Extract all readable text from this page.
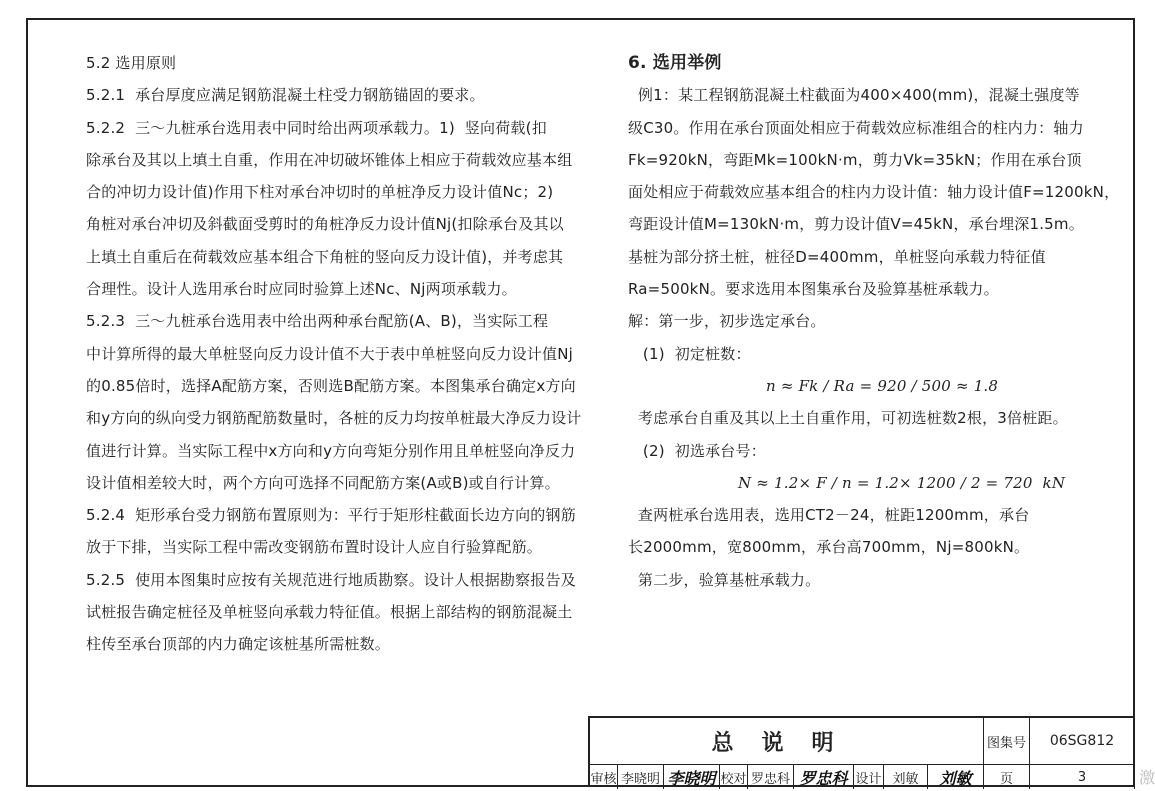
5.2 选用原则

5.2.1  承台厚度应满足钢筋混凝土柱受力钢筋锚固的要求。

5.2.2  三～九桩承台选用表中同时给出两项承载力。1)  竖向荷载(扣

除承台及其以上填土自重，作用在冲切破坏锥体上相应于荷载效应基本组

合的冲切力设计值)作用下柱对承台冲切时的单桩净反力设计值Nc；2)

角桩对承台冲切及斜截面受剪时的角桩净反力设计值Nj(扣除承台及其以

上填土自重后在荷载效应基本组合下角桩的竖向反力设计值)，并考虑其

合理性。设计人选用承台时应同时验算上述Nc、Nj两项承载力。

5.2.3  三～九桩承台选用表中给出两种承台配筋(A、B)，当实际工程

中计算所得的最大单桩竖向反力设计值不大于表中单桩竖向反力设计值Nj

的0.85倍时，选择A配筋方案，否则选B配筋方案。本图集承台确定x方向

和y方向的纵向受力钢筋配筋数量时，各桩的反力均按单桩最大净反力设计

值进行计算。当实际工程中x方向和y方向弯矩分别作用且单桩竖向净反力

设计值相差较大时，两个方向可选择不同配筋方案(A或B)或自行计算。

5.2.4  矩形承台受力钢筋布置原则为：平行于矩形柱截面长边方向的钢筋

放于下排，当实际工程中需改变钢筋布置时设计人应自行验算配筋。

5.2.5  使用本图集时应按有关规范进行地质勘察。设计人根据勘察报告及

试桩报告确定桩径及单桩竖向承载力特征值。根据上部结构的钢筋混凝土

柱传至承台顶部的内力确定该桩基所需桩数。

6. 选用举例

例1：某工程钢筋混凝土柱截面为400×400(mm)，混凝土强度等

级C30。作用在承台顶面处相应于荷载效应标准组合的柱内力：轴力

Fk=920kN，弯距Mk=100kN·m，剪力Vk=35kN；作用在承台顶

面处相应于荷载效应基本组合的柱内力设计值：轴力设计值F=1200kN，

弯距设计值M=130kN·m，剪力设计值V=45kN，承台埋深1.5m。

基桩为部分挤土桩，桩径D=400mm，单桩竖向承载力特征值

Ra=500kN。要求选用本图集承台及验算基桩承载力。

解：第一步，初步选定承台。

(1)  初定桩数：

n ≈ Fk / Ra = 920 / 500 ≈ 1.8

考虑承台自重及其以上土自重作用，可初选桩数2根，3倍桩距。

(2)  初选承台号：

N ≈ 1.2× F / n = 1.2× 1200 / 2 = 720  kN

查两桩承台选用表，选用CT2－24，桩距1200mm，承台

长2000mm，宽800mm，承台高700mm，Nj=800kN。

第二步，验算基桩承载力。

总说明	图集号	06SG812
审核 李晓明 李晓明 校对 罗忠科 罗忠科 设计 刘敏	刘敏	页	3	激
